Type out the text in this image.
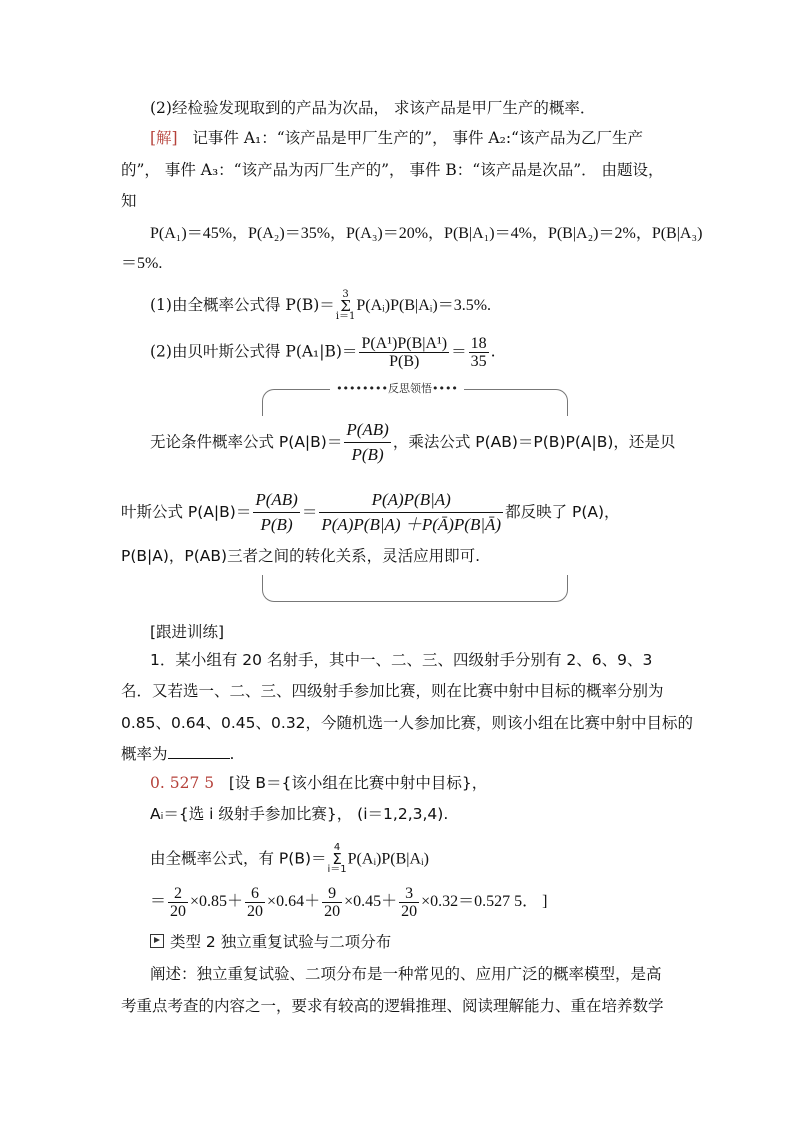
(2)经检验发现取到的产品为次品， 求该产品是甲厂生产的概率．
[解] 记事件 A₁：“该产品是甲厂生产的”， 事件 A₂:“该产品为乙厂生产
的”， 事件 A₃：“该产品为丙厂生产的”， 事件 B：“该产品是次品”． 由题设，
知
P(A₁)＝45%，P(A₂)＝35%，P(A₃)＝20%，P(B|A₁)＝4%，P(B|A₂)＝2%，P(B|A₃)
＝5%.
(1)由全概率公式得 P(B)＝3
Σ
i＝1P(Aᵢ)P(B|Aᵢ)＝3.5%.
(2)由贝叶斯公式得 $P(A_1|B)= \frac{\text{P(A¹)P(B|A¹)}}{P(B)} = \frac{18}{35}$ .
••••••••反思领悟••••
无论条件概率公式 $P(A|B)= \frac{P(AB)}{P(B)}$ ，乘法公式 P(AB)＝P(B)P(A|B)，还是贝
叶斯公式 $P(A|B)= \frac{P(AB)}{P(B)} = \frac{P(A)P(B|A)}{P(A)P(B|A) +P(Ā)P(B|Ā)}$ 都反映了 P(A)，
P(B|A)，P(AB)三者之间的转化关系，灵活应用即可.
[跟进训练]
1．某小组有 20 名射手，其中一、二、三、四级射手分别有 2、6、9、3
名．又若选一、二、三、四级射手参加比赛，则在比赛中射中目标的概率分别为
0.85、0.64、0.45、0.32，今随机选一人参加比赛，则该小组在比赛中射中目标的
概率为	.
0. 527 5 [设 B＝{该小组在比赛中射中目标}，
Aᵢ＝{选 i 级射手参加比赛}， (i＝1,2,3,4).
由全概率公式，有 P(B)＝4
Σ
i＝1P(Aᵢ)P(B|Aᵢ)
＝ $\frac{2}{20} \times 0.85+ \frac{6}{20} \times 0.64+ \frac{9}{20} \times 0.45+ \frac{3}{20} \times 0.32=0.527$ 5． ]
类型 2 独立重复试验与二项分布
阐述：独立重复试验、二项分布是一种常见的、应用广泛的概率模型，是高
考重点考查的内容之一，要求有较高的逻辑推理、阅读理解能力、重在培养数学
